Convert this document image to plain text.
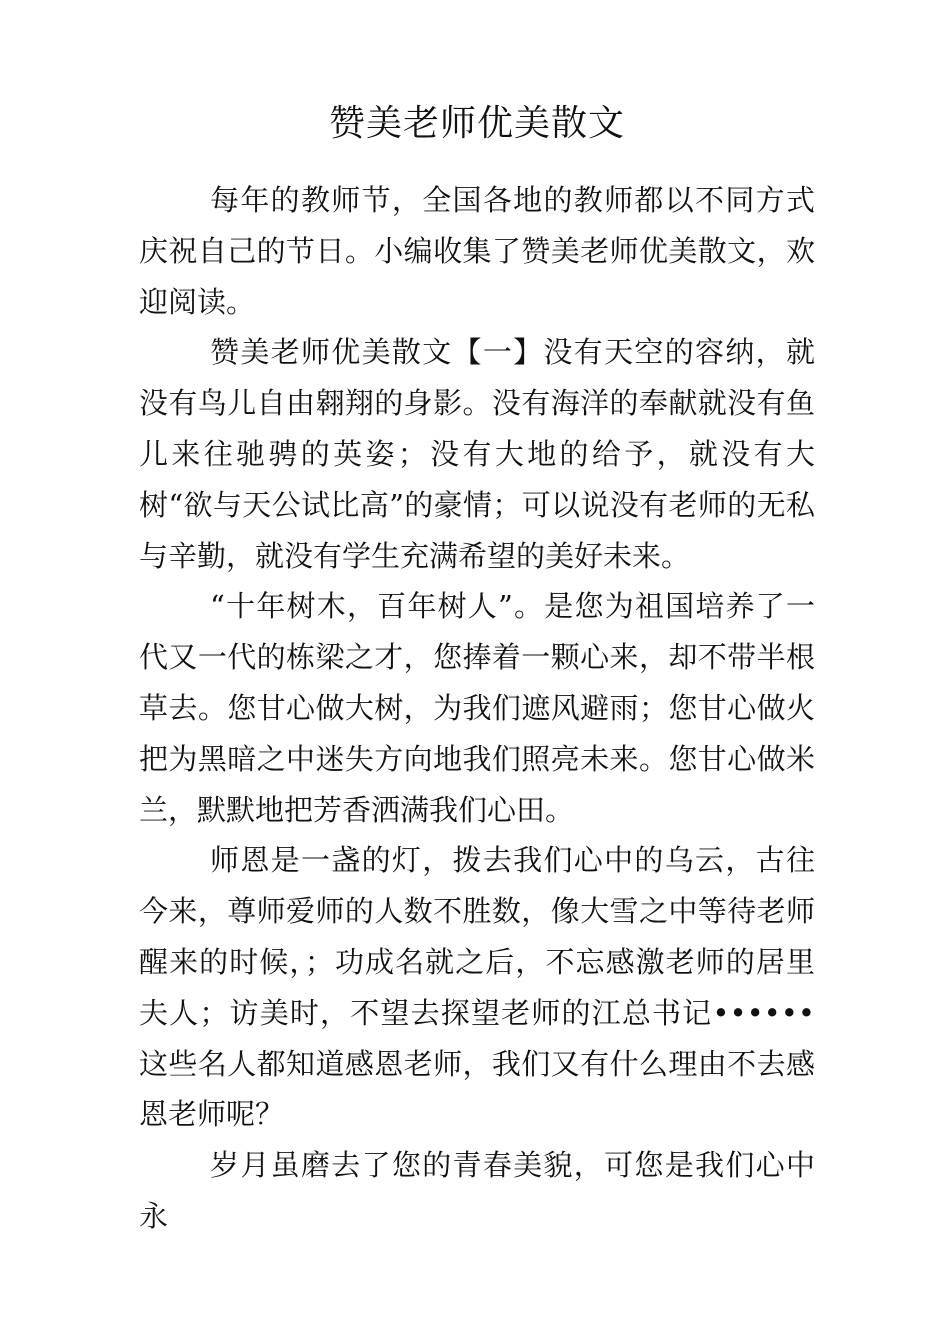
赞美老师优美散文

每年的教师节，全国各地的教师都以不同方式庆祝自己的节日。小编收集了赞美老师优美散文，欢迎阅读。

赞美老师优美散文【一】没有天空的容纳，就没有鸟儿自由翱翔的身影。没有海洋的奉献就没有鱼儿来往驰骋的英姿；没有大地的给予，就没有大树“欲与天公试比高”的豪情；可以说没有老师的无私与辛勤，就没有学生充满希望的美好未来。

“十年树木，百年树人”。是您为祖国培养了一代又一代的栋梁之才，您捧着一颗心来，却不带半根草去。您甘心做大树，为我们遮风避雨；您甘心做火把为黑暗之中迷失方向地我们照亮未来。您甘心做米兰，默默地把芳香洒满我们心田。

师恩是一盏的灯，拨去我们心中的乌云，古往今来，尊师爱师的人数不胜数，像大雪之中等待老师醒来的时候，；功成名就之后，不忘感激老师的居里夫人；访美时，不望去探望老师的江总书记••••••这些名人都知道感恩老师，我们又有什么理由不去感恩老师呢？

岁月虽磨去了您的青春美貌，可您是我们心中永
